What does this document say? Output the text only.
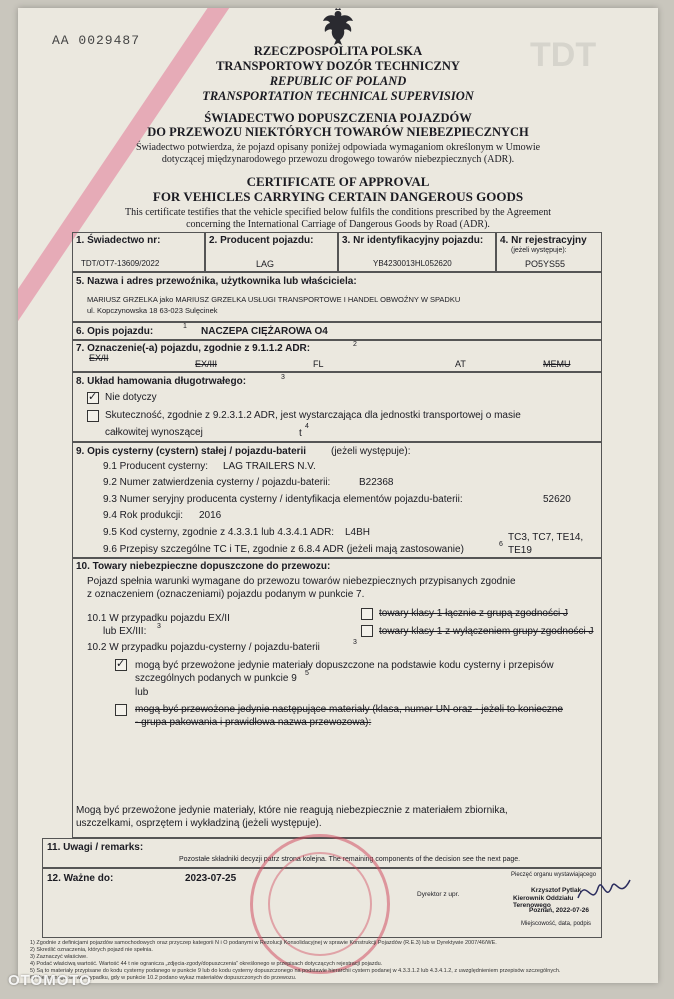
AA 0029487	TDT
RZECZPOSPOLITA POLSKA
TRANSPORTOWY DOZÓR TECHNICZNY
REPUBLIC OF POLAND
TRANSPORTATION TECHNICAL SUPERVISION
ŚWIADECTWO DOPUSZCZENIA POJAZDÓW
DO PRZEWOZU NIEKTÓRYCH TOWARÓW NIEBEZPIECZNYCH
Świadectwo potwierdza, że pojazd opisany poniżej odpowiada wymaganiom określonym w Umowie
dotyczącej międzynarodowego przewozu drogowego towarów niebezpiecznych (ADR).
CERTIFICATE OF APPROVAL
FOR VEHICLES CARRYING CERTAIN DANGEROUS GOODS
This certificate testifies that the vehicle specified below fulfils the conditions prescribed by the Agreement
concerning the International Carriage of Dangerous Goods by Road (ADR).
1. Świadectwo nr:
TDT/OT7-13609/2022
2. Producent pojazdu:
LAG
3. Nr identyfikacyjny pojazdu:
YB4230013HL052620
4. Nr rejestracyjny
(jeżeli występuje):
PO5YS55
5. Nazwa i adres przewoźnika, użytkownika lub właściciela:
MARIUSZ GRZELKA jako MARIUSZ GRZELKA USŁUGI TRANSPORTOWE I HANDEL OBWOŹNY W SPADKU
ul. Kopczynowska 18 63-023 Sulęcinek
6. Opis pojazdu:	1 NACZEPA CIĘŻAROWA O4
7. Oznaczenie(-a) pojazdu, zgodnie z 9.1.1.2 ADR:	2
EX/II
EX/III	FL	AT	MEMU
8. Układ hamowania długotrwałego:	3
✓ Nie dotyczy
Skuteczność, zgodnie z 9.2.3.1.2 ADR, jest wystarczająca dla jednostki transportowej o masie
całkowitej wynoszącej	t
4
9. Opis cysterny (cystern) stałej / pojazdu-baterii (jeżeli występuje):
9.1 Producent cysterny: LAG TRAILERS N.V.
9.2 Numer zatwierdzenia cysterny / pojazdu-baterii:	B22368
9.3 Numer seryjny producenta cysterny / identyfikacja elementów pojazdu-baterii:	52620
9.4 Rok produkcji: 2016
9.5 Kod cysterny, zgodnie z 4.3.3.1 lub 4.3.4.1 ADR: L4BH
9.6 Przepisy szczególne TC i TE, zgodnie z 6.8.4 ADR (jeżeli mają zastosowanie)	6
TC3, TC7, TE14,
TE19
10. Towary niebezpieczne dopuszczone do przewozu:
Pojazd spełnia warunki wymagane do przewozu towarów niebezpiecznych przypisanych zgodnie
z oznaczeniem (oznaczeniami) pojazdu podanym w punkcie 7.
10.1 W przypadku pojazdu EX/II
lub EX/III: 3
towary klasy 1 łącznie z grupą zgodności J
towary klasy 1 z wyłączeniem grupy zgodności J
10.2 W przypadku pojazdu-cysterny / pojazdu-baterii	3
✓ mogą być przewożone jedynie materiały dopuszczone na podstawie kodu cysterny i przepisów
szczególnych podanych w punkcie 9 5
lub
mogą być przewożone jedynie następujące materiały (klasa, numer UN oraz - jeżeli to konieczne
- grupa pakowania i prawidłowa nazwa przewozowa):
Mogą być przewożone jedynie materiały, które nie reagują niebezpiecznie z materiałem zbiornika,
uszczelkami, osprzętem i wykładziną (jeżeli występuje).
11. Uwagi / remarks:
Pozostałe składniki decyzji patrz strona kolejna. The remaining components of the decision see the next page.
12. Ważne do:	2023-07-25
Dyrektor z upr.
Pieczęć organu wystawiającego
Krzysztof Pytlak
Kierownik Oddziału Terenowego
Poznań, 2022-07-26
Miejscowość, data, podpis
1) Zgodnie z definicjami pojazdów samochodowych oraz przyczep kategorii N i O podanymi w Rezolucji Konsolidacyjnej w sprawie Konstrukcji Pojazdów (R.E.3) lub w Dyrektywie 2007/46/WE.
2) Skreślić oznaczenia, których pojazd nie spełnia.
3) Zaznaczyć właściwe.
4) Podać właściwą wartość. Wartość 44 t nie ogranicza „zdjęcia-zgody/dopuszczenia” określonego w przepisach dotyczących rejestracji pojazdu.
5) Są to materiały przypisane do kodu cysterny podanego w punkcie 9 lub do kodu cysterny dopuszczonego na podstawie hierarchii cystern podanej w 4.3.3.1.2 lub 4.3.4.1.2, z uwzględnieniem przepisów szczególnych.
6) Nie wymaga się w przypadku, gdy w punkcie 10.2 podano wykaz materiałów dopuszczonych do przewozu.
OTOMOTO
